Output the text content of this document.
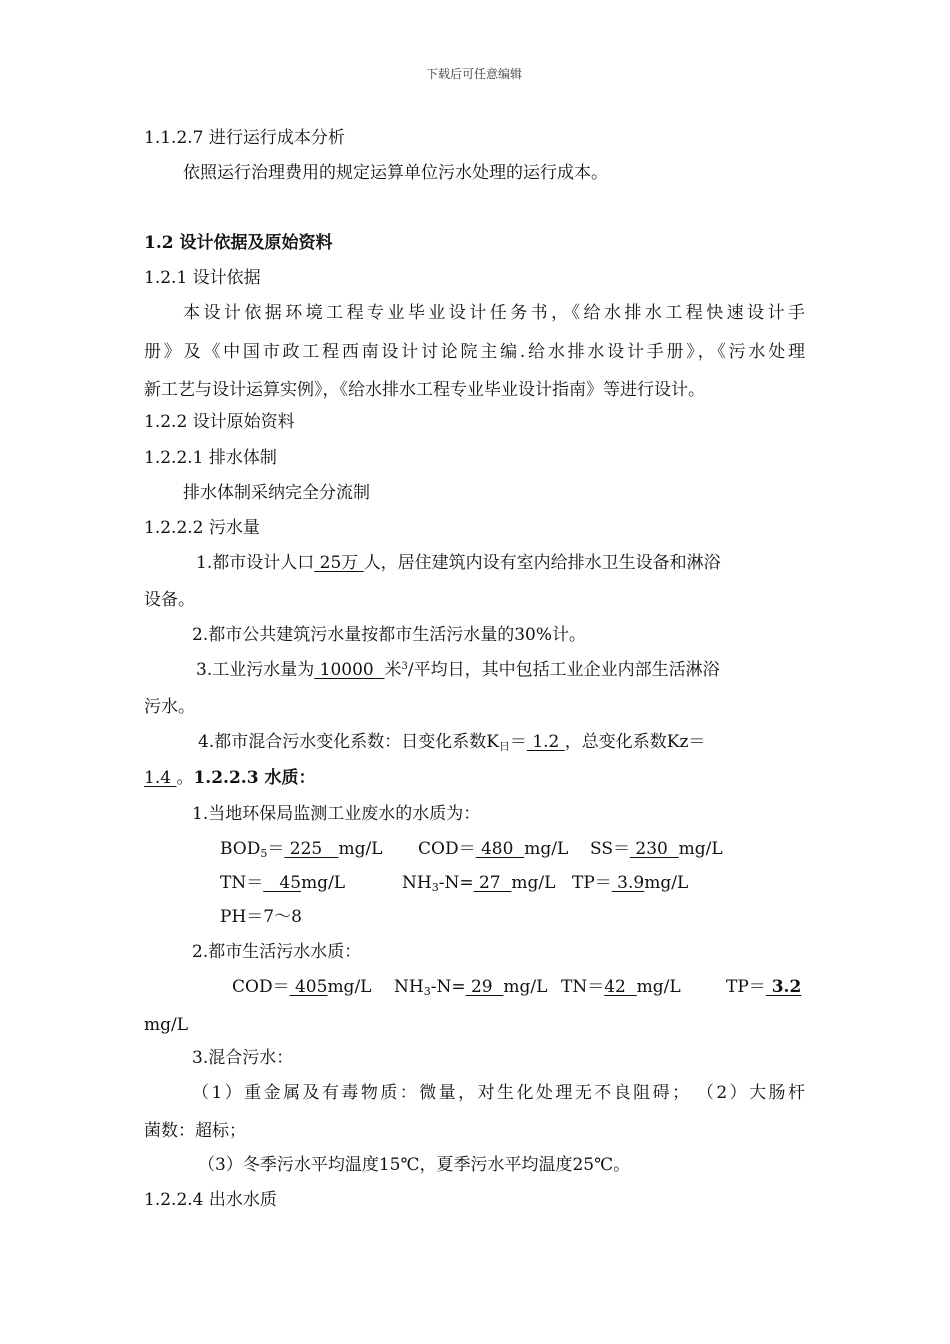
下载后可任意编辑
1.1.2.7 进行运行成本分析
依照运行治理费用的规定运算单位污水处理的运行成本。
1.2 设计依据及原始资料
1.2.1 设计依据
本设计依据环境工程专业毕业设计任务书，《给水排水工程快速设计手
册》及《中国市政工程西南设计讨论院主编.给水排水设计手册》，《污水处理
新工艺与设计运算实例》，《给水排水工程专业毕业设计指南》等进行设计。
1.2.2 设计原始资料
1.2.2.1 排水体制
排水体制采纳完全分流制
1.2.2.2 污水量
1.都市设计人口 25万 人，居住建筑内设有室内给排水卫生设备和淋浴
设备。
2.都市公共建筑污水量按都市生活污水量的30%计。
3.工业污水量为 10000  米$^3$/平均日，其中包括工业企业内部生活淋浴
污水。
4.都市混合污水变化系数：日变化系数$K_日= 1.2$ ，总变化系数Kz＝
1.4 。1.2.2.3 水质：
1.当地环保局监测工业废水的水质为：
$BOD_5= 225$   mg/L COD＝ 480  mg/L SS＝ 230  mg/L
TN＝   45mg/L	$NH_3-N= 27$  mg/L TP＝ 3.9mg/L
PH＝7～8
2.都市生活污水水质：
COD＝ 405mg/L $NH_3-N= 29$  mg/L TN＝42  mg/L	TP＝ 3.2
mg/L
3.混合污水：
（1）重金属及有毒物质：微量，对生化处理无不良阻碍； （2）大肠杆
菌数：超标；
（3）冬季污水平均温度15℃，夏季污水平均温度25℃。
1.2.2.4 出水水质
